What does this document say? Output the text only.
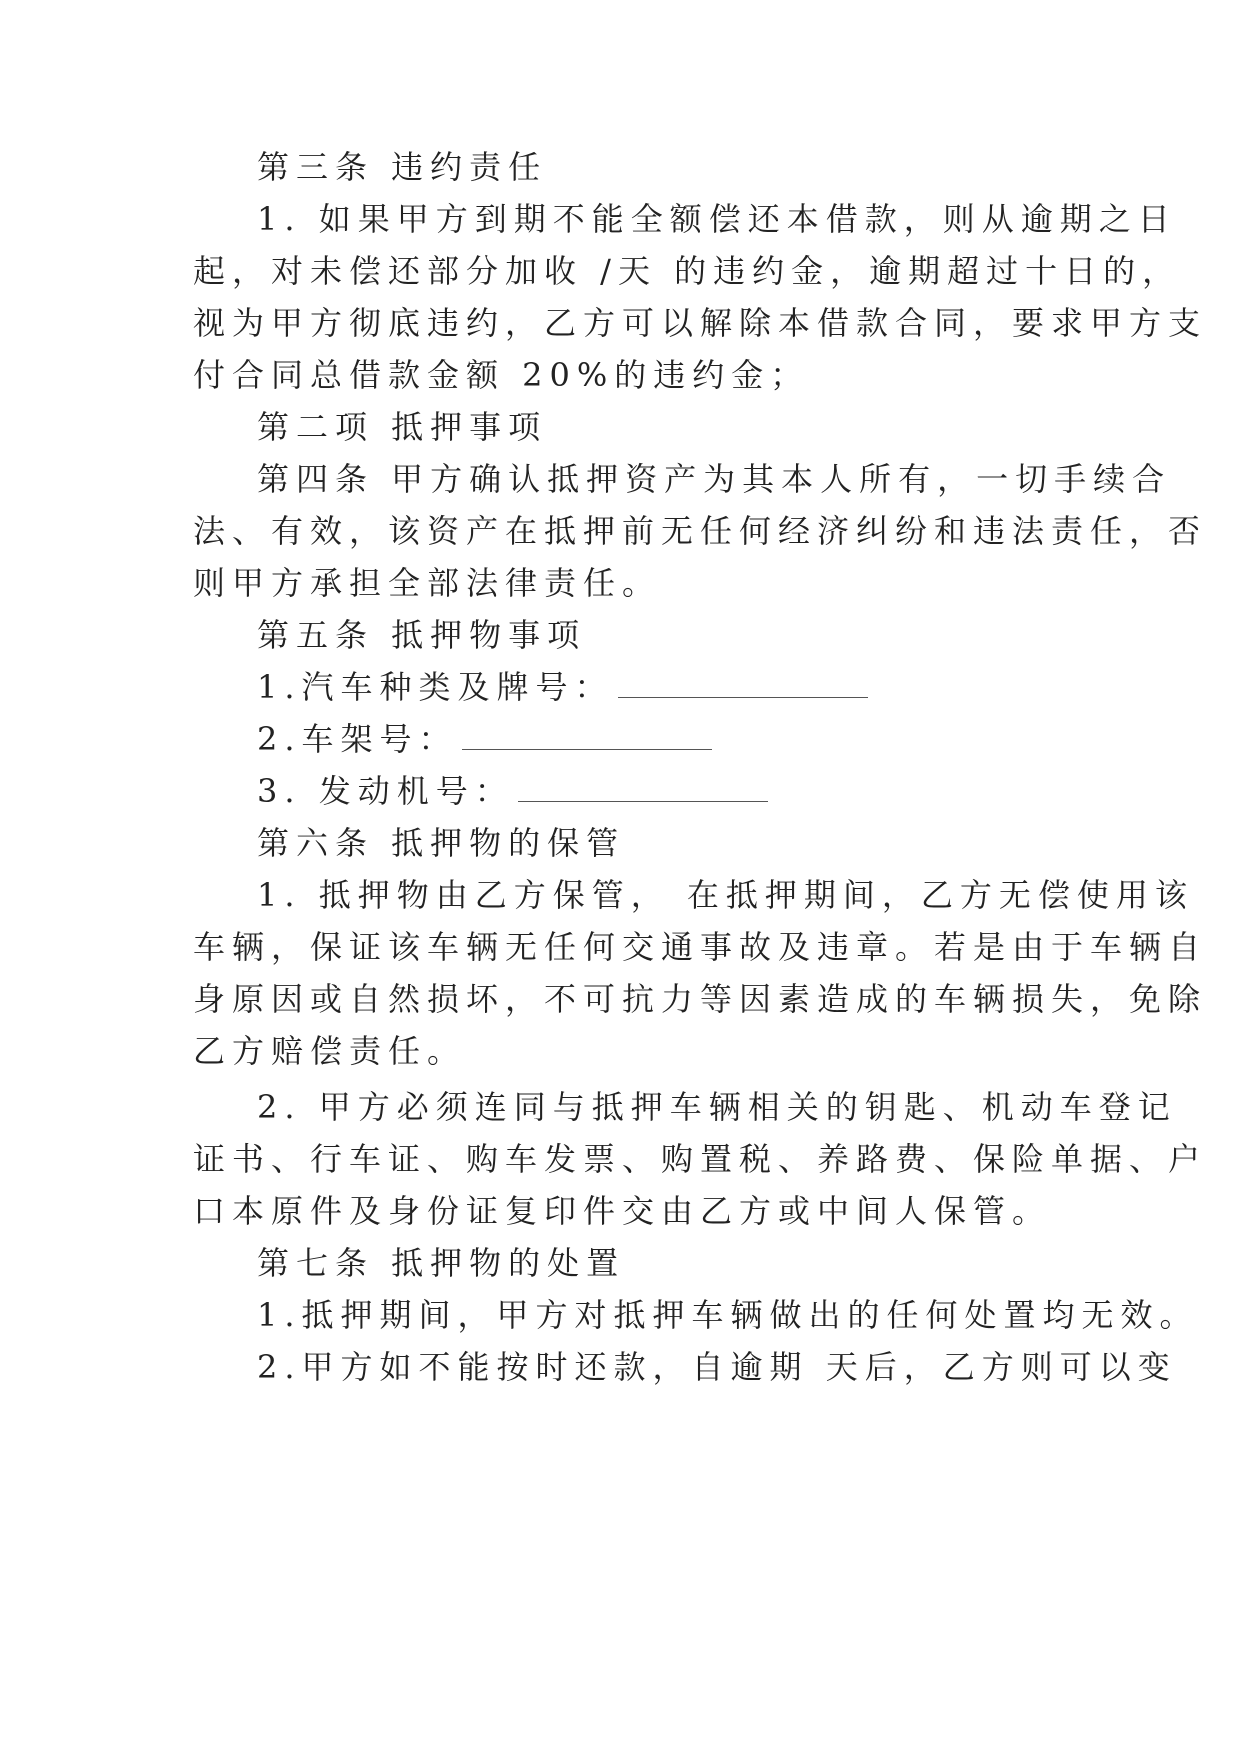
第三条 违约责任
1. 如果甲方到期不能全额偿还本借款，则从逾期之日
起，对未偿还部分加收 /天 的违约金，逾期超过十日的，
视为甲方彻底违约，乙方可以解除本借款合同，要求甲方支
付合同总借款金额 20%的违约金；
第二项 抵押事项
第四条 甲方确认抵押资产为其本人所有，一切手续合
法、有效，该资产在抵押前无任何经济纠纷和违法责任，否
则甲方承担全部法律责任。
第五条 抵押物事项
1.汽车种类及牌号：
2.车架号：
3. 发动机号：
第六条 抵押物的保管
1. 抵押物由乙方保管， 在抵押期间，乙方无偿使用该
车辆，保证该车辆无任何交通事故及违章。若是由于车辆自
身原因或自然损坏，不可抗力等因素造成的车辆损失，免除
乙方赔偿责任。
2. 甲方必须连同与抵押车辆相关的钥匙、机动车登记
证书、行车证、购车发票、购置税、养路费、保险单据、户
口本原件及身份证复印件交由乙方或中间人保管。
第七条 抵押物的处置
1.抵押期间，甲方对抵押车辆做出的任何处置均无效。
2.甲方如不能按时还款，自逾期 天后，乙方则可以变
